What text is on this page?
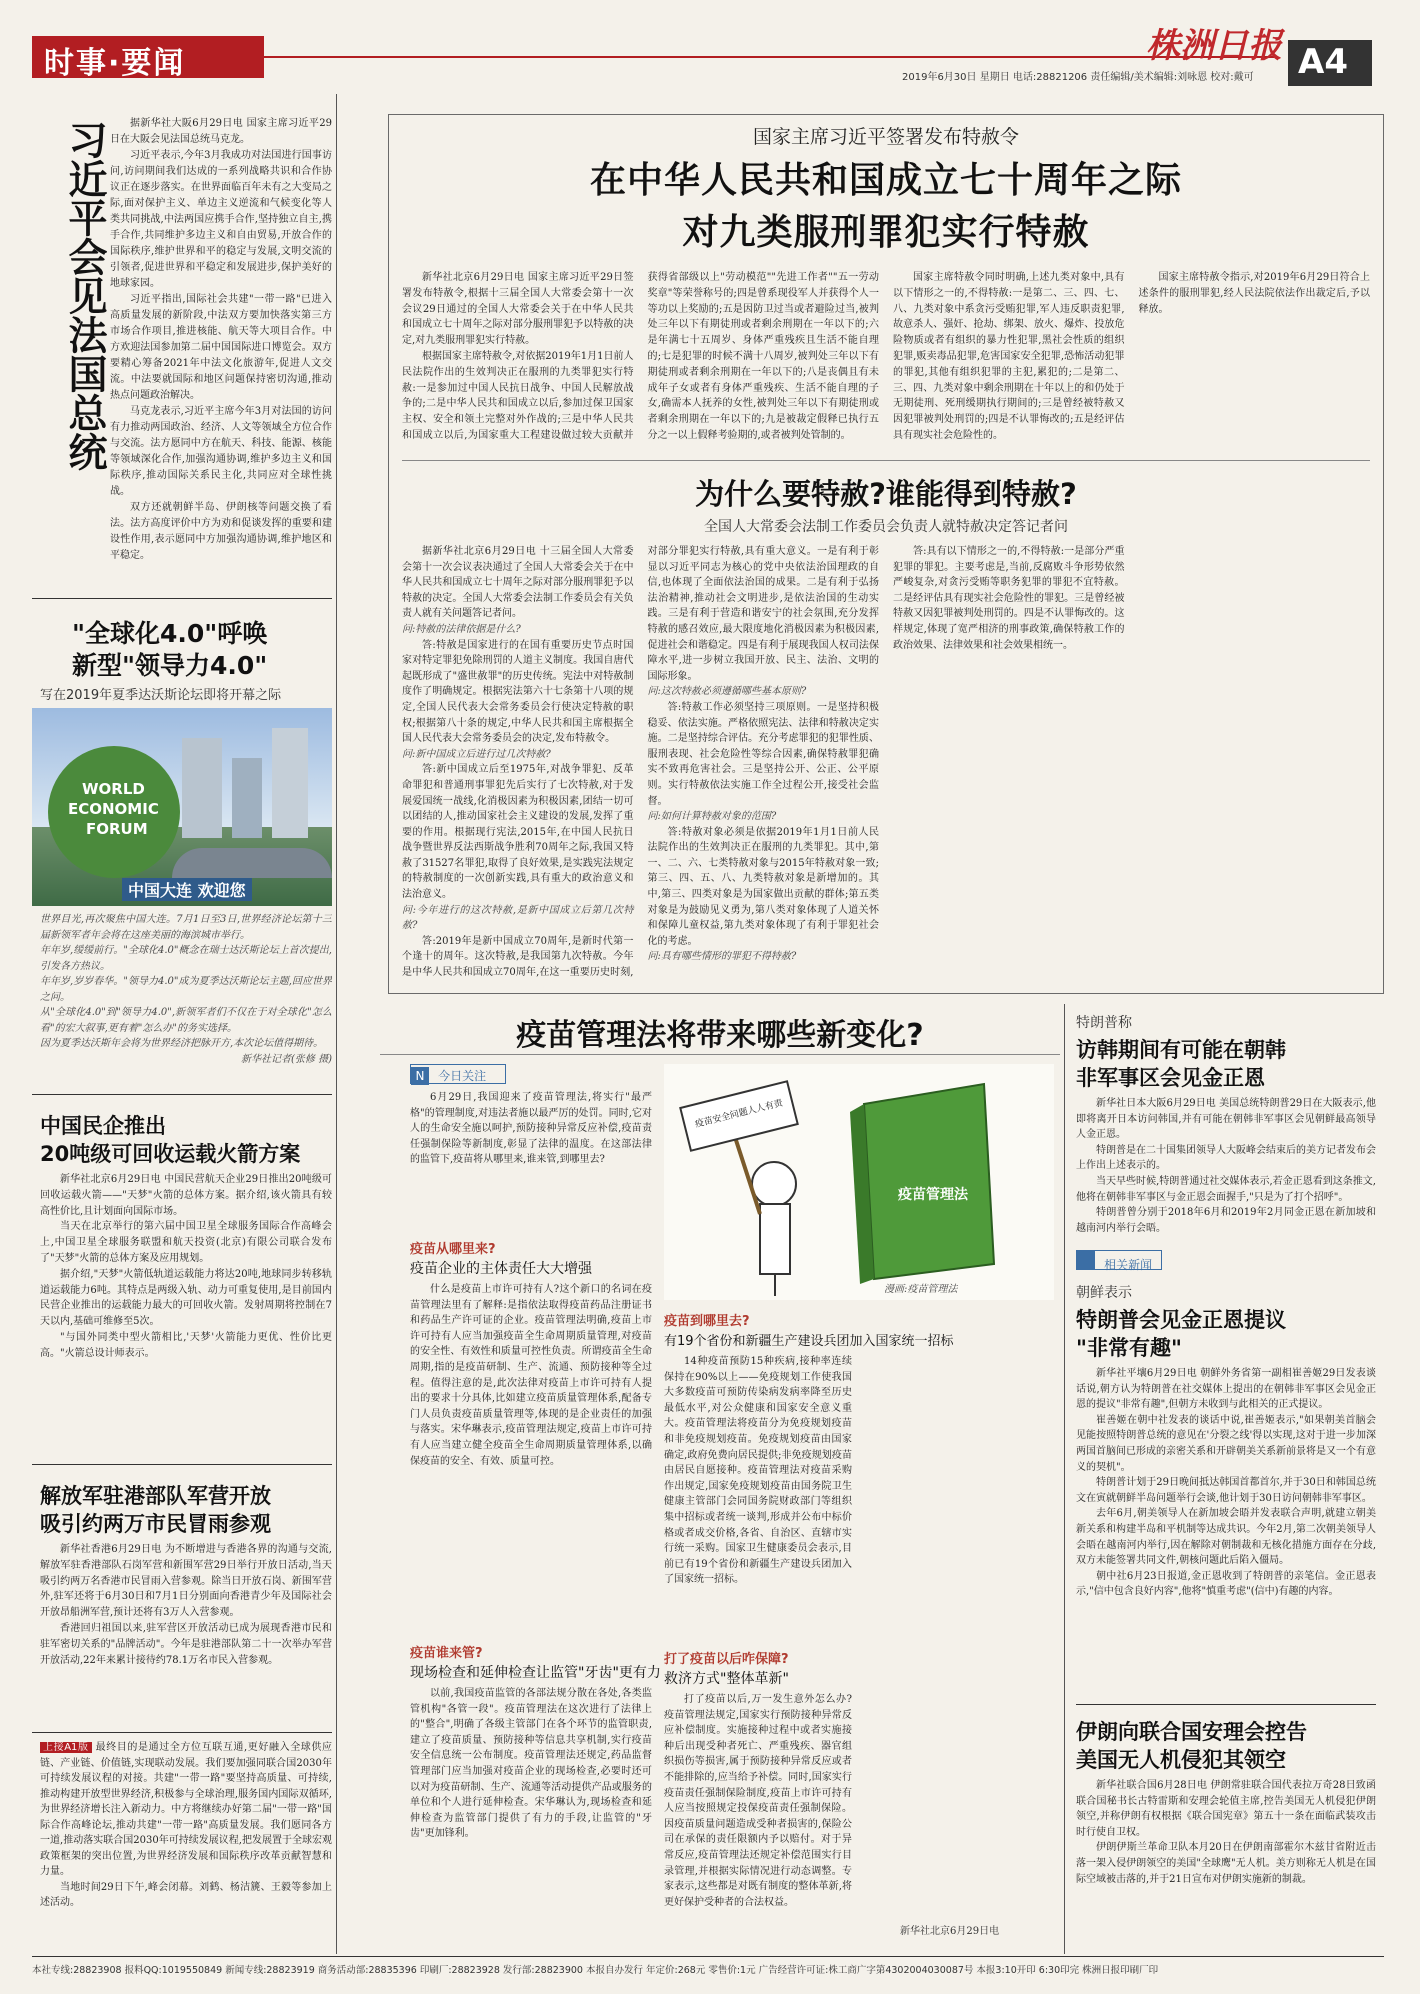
时事·要闻	株洲日报 A4
2019年6月30日 星期日 电话:28821206 责任编辑/美术编辑:刘咏恩 校对:戴可
习近平会见法国总统	据新华社大阪6月29日电 国家主席习近平29日在大阪会见法国总统马克龙。

习近平表示,今年3月我成功对法国进行国事访问,访问期间我们达成的一系列战略共识和合作协议正在逐步落实。在世界面临百年未有之大变局之际,面对保护主义、单边主义逆流和气候变化等人类共同挑战,中法两国应携手合作,坚持独立自主,携手合作,共同维护多边主义和自由贸易,开放合作的国际秩序,维护世界和平的稳定与发展,文明交流的引领者,促进世界和平稳定和发展进步,保护美好的地球家园。

习近平指出,国际社会共建"一带一路"已进入高质量发展的新阶段,中法双方要加快落实第三方市场合作项目,推进核能、航天等大项目合作。中方欢迎法国参加第二届中国国际进口博览会。双方要精心筹备2021年中法文化旅游年,促进人文交流。中法要就国际和地区问题保持密切沟通,推动热点问题政治解决。

马克龙表示,习近平主席今年3月对法国的访问有力推动两国政治、经济、人文等领域全方位合作与交流。法方愿同中方在航天、科技、能源、核能等领域深化合作,加强沟通协调,维护多边主义和国际秩序,推动国际关系民主化,共同应对全球性挑战。

双方还就朝鲜半岛、伊朗核等问题交换了看法。法方高度评价中方为劝和促谈发挥的重要和建设性作用,表示愿同中方加强沟通协调,维护地区和平稳定。

"全球化4.0"呼唤
新型"领导力4.0"
写在2019年夏季达沃斯论坛即将开幕之际
WORLD
ECONOMIC
FORUM
中国大连 欢迎您

世界目光,再次聚焦中国大连。7月1日至3日,世界经济论坛第十三届新领军者年会将在这座美丽的海滨城市举行。

年年岁,缓缓前行。"全球化4.0"概念在瑞士达沃斯论坛上首次提出,引发各方热议。

年年岁,岁岁春华。"领导力4.0"成为夏季达沃斯论坛主题,回应世界之问。

从"全球化4.0"到"领导力4.0",新领军者们不仅在于对全球化"怎么看"的宏大叙事,更有着"怎么办"的务实选择。

因为夏季达沃斯年会将为世界经济把脉开方,本次论坛值得期待。

新华社记者(张修 摄)

中国民企推出
20吨级可回收运载火箭方案

新华社北京6月29日电 中国民营航天企业29日推出20吨级可回收运载火箭——"天梦"火箭的总体方案。据介绍,该火箭具有较高性价比,且计划面向国际市场。

当天在北京举行的第六届中国卫星全球服务国际合作高峰会上,中国卫星全球服务联盟和航天投资(北京)有限公司联合发布了"天梦"火箭的总体方案及应用规划。

据介绍,"天梦"火箭低轨道运载能力将达20吨,地球同步转移轨道运载能力6吨。其特点是两级入轨、动力可重复使用,是目前国内民营企业推出的运载能力最大的可回收火箭。发射周期将控制在7天以内,基础可维修至5次。

"与国外同类中型火箭相比,'天梦'火箭能力更优、性价比更高。"火箭总设计师表示。

解放军驻港部队军营开放
吸引约两万市民冒雨参观

新华社香港6月29日电 为不断增进与香港各界的沟通与交流,解放军驻香港部队石岗军营和新围军营29日举行开放日活动,当天吸引约两万名香港市民冒雨入营参观。除当日开放石岗、新围军营外,驻军还将于6月30日和7月1日分别面向香港青少年及国际社会开放昂船洲军营,预计还将有3万人入营参观。

香港回归祖国以来,驻军营区开放活动已成为展现香港市民和驻军密切关系的"品牌活动"。今年是驻港部队第二十一次举办军营开放活动,22年来累计接待约78.1万名市民入营参观。

上接A1版 最终目的是通过全方位互联互通,更好融入全球供应链、产业链、价值链,实现联动发展。我们要加强同联合国2030年可持续发展议程的对接。共建"一带一路"要坚持高质量、可持续,推动构建开放型世界经济,积极参与全球治理,服务国内国际双循环,为世界经济增长注入新动力。中方将继续办好第二届"一带一路"国际合作高峰论坛,推动共建"一带一路"高质量发展。我们愿同各方一道,推动落实联合国2030年可持续发展议程,把发展置于全球宏观政策框架的突出位置,为世界经济发展和国际秩序改革贡献智慧和力量。

当地时间29日下午,峰会闭幕。刘鹤、杨洁篪、王毅等参加上述活动。

国家主席习近平签署发布特赦令
在中华人民共和国成立七十周年之际
对九类服刑罪犯实行特赦

新华社北京6月29日电 国家主席习近平29日签署发布特赦令,根据十三届全国人大常委会第十一次会议29日通过的全国人大常委会关于在中华人民共和国成立七十周年之际对部分服刑罪犯予以特赦的决定,对九类服刑罪犯实行特赦。

根据国家主席特赦令,对依据2019年1月1日前人民法院作出的生效判决正在服刑的九类罪犯实行特赦:一是参加过中国人民抗日战争、中国人民解放战争的;二是中华人民共和国成立以后,参加过保卫国家主权、安全和领土完整对外作战的;三是中华人民共和国成立以后,为国家重大工程建设做过较大贡献并获得省部级以上"劳动模范""先进工作者""五一劳动奖章"等荣誉称号的;四是曾系现役军人并获得个人一等功以上奖励的;五是因防卫过当或者避险过当,被判处三年以下有期徒刑或者剩余刑期在一年以下的;六是年满七十五周岁、身体严重残疾且生活不能自理的;七是犯罪的时候不满十八周岁,被判处三年以下有期徒刑或者剩余刑期在一年以下的;八是丧偶且有未成年子女或者有身体严重残疾、生活不能自理的子女,确需本人抚养的女性,被判处三年以下有期徒刑或者剩余刑期在一年以下的;九是被裁定假释已执行五分之一以上假释考验期的,或者被判处管制的。

国家主席特赦令同时明确,上述九类对象中,具有以下情形之一的,不得特赦:一是第二、三、四、七、八、九类对象中系贪污受贿犯罪,军人违反职责犯罪,故意杀人、强奸、抢劫、绑架、放火、爆炸、投放危险物质或者有组织的暴力性犯罪,黑社会性质的组织犯罪,贩卖毒品犯罪,危害国家安全犯罪,恐怖活动犯罪的罪犯,其他有组织犯罪的主犯,累犯的;二是第二、三、四、九类对象中剩余刑期在十年以上的和仍处于无期徒刑、死刑缓期执行期间的;三是曾经被特赦又因犯罪被判处刑罚的;四是不认罪悔改的;五是经评估具有现实社会危险性的。

国家主席特赦令指示,对2019年6月29日符合上述条件的服刑罪犯,经人民法院依法作出裁定后,予以释放。

为什么要特赦?谁能得到特赦?
全国人大常委会法制工作委员会负责人就特赦决定答记者问

据新华社北京6月29日电 十三届全国人大常委会第十一次会议表决通过了全国人大常委会关于在中华人民共和国成立七十周年之际对部分服刑罪犯予以特赦的决定。全国人大常委会法制工作委员会有关负责人就有关问题答记者问。

问:特赦的法律依据是什么?

答:特赦是国家进行的在国有重要历史节点时国家对特定罪犯免除刑罚的人道主义制度。我国自唐代起既形成了"盛世赦罪"的历史传统。宪法中对特赦制度作了明确规定。根据宪法第六十七条第十八项的规定,全国人民代表大会常务委员会行使决定特赦的职权;根据第八十条的规定,中华人民共和国主席根据全国人民代表大会常务委员会的决定,发布特赦令。

问:新中国成立后进行过几次特赦?

答:新中国成立后至1975年,对战争罪犯、反革命罪犯和普通刑事罪犯先后实行了七次特赦,对于发展爱国统一战线,化消极因素为积极因素,团结一切可以团结的人,推动国家社会主义建设的发展,发挥了重要的作用。根据现行宪法,2015年,在中国人民抗日战争暨世界反法西斯战争胜利70周年之际,我国又特赦了31527名罪犯,取得了良好效果,是实践宪法规定的特赦制度的一次创新实践,具有重大的政治意义和法治意义。

问:今年进行的这次特赦,是新中国成立后第几次特赦?

答:2019年是新中国成立70周年,是新时代第一个逢十的周年。这次特赦,是我国第九次特赦。今年是中华人民共和国成立70周年,在这一重要历史时刻,对部分罪犯实行特赦,具有重大意义。一是有利于彰显以习近平同志为核心的党中央依法治国理政的自信,也体现了全面依法治国的成果。二是有利于弘扬法治精神,推动社会文明进步,是依法治国的生动实践。三是有利于营造和谐安宁的社会氛围,充分发挥特赦的感召效应,最大限度地化消极因素为积极因素,促进社会和谐稳定。四是有利于展现我国人权司法保障水平,进一步树立我国开放、民主、法治、文明的国际形象。

问:这次特赦必须遵循哪些基本原则?

答:特赦工作必须坚持三项原则。一是坚持积极稳妥、依法实施。严格依照宪法、法律和特赦决定实施。二是坚持综合评估。充分考虑罪犯的犯罪性质、服刑表现、社会危险性等综合因素,确保特赦罪犯确实不致再危害社会。三是坚持公开、公正、公平原则。实行特赦依法实施工作全过程公开,接受社会监督。

问:如何计算特赦对象的范围?

答:特赦对象必须是依据2019年1月1日前人民法院作出的生效判决正在服刑的九类罪犯。其中,第一、二、六、七类特赦对象与2015年特赦对象一致;第三、四、五、八、九类特赦对象是新增加的。其中,第三、四类对象是为国家做出贡献的群体;第五类对象是为鼓励见义勇为,第八类对象体现了人道关怀和保障儿童权益,第九类对象体现了有利于罪犯社会化的考虑。

问:具有哪些情形的罪犯不得特赦?

答:具有以下情形之一的,不得特赦:一是部分严重犯罪的罪犯。主要考虑是,当前,反腐败斗争形势依然严峻复杂,对贪污受贿等职务犯罪的罪犯不宜特赦。二是经评估具有现实社会危险性的罪犯。三是曾经被特赦又因犯罪被判处刑罚的。四是不认罪悔改的。这样规定,体现了宽严相济的刑事政策,确保特赦工作的政治效果、法律效果和社会效果相统一。

疫苗管理法将带来哪些新变化?
N 今日关注

6月29日,我国迎来了疫苗管理法,将实行"最严格"的管理制度,对违法者施以最严厉的处罚。同时,它对人的生命安全施以呵护,预防接种异常反应补偿,疫苗责任强制保险等新制度,彰显了法律的温度。在这部法律的监管下,疫苗将从哪里来,谁来管,到哪里去?

疫苗管理法
疫苗安全问题人人有责
漫画:疫苗管理法
疫苗从哪里来?
疫苗企业的主体责任大大增强

什么是疫苗上市许可持有人?这个新口的名词在疫苗管理法里有了解释:是指依法取得疫苗药品注册证书和药品生产许可证的企业。疫苗管理法明确,疫苗上市许可持有人应当加强疫苗全生命周期质量管理,对疫苗的安全性、有效性和质量可控性负责。所谓疫苗全生命周期,指的是疫苗研制、生产、流通、预防接种等全过程。值得注意的是,此次法律对疫苗上市许可持有人提出的要求十分具体,比如建立疫苗质量管理体系,配备专门人员负责疫苗质量管理等,体现的是企业责任的加强与落实。宋华琳表示,疫苗管理法规定,疫苗上市许可持有人应当建立健全疫苗全生命周期质量管理体系,以确保疫苗的安全、有效、质量可控。

疫苗谁来管?
现场检查和延伸检查让监管"牙齿"更有力

以前,我国疫苗监管的各部法规分散在各处,各类监管机构"各管一段"。疫苗管理法在这次进行了法律上的"整合",明确了各级主管部门在各个环节的监管职责,建立了疫苗质量、预防接种等信息共享机制,实行疫苗安全信息统一公布制度。疫苗管理法还规定,药品监督管理部门应当加强对疫苗企业的现场检查,必要时还可以对为疫苗研制、生产、流通等活动提供产品或服务的单位和个人进行延伸检查。宋华琳认为,现场检查和延伸检查为监管部门提供了有力的手段,让监管的"牙齿"更加锋利。

疫苗到哪里去?
有19个省份和新疆生产建设兵团加入国家统一招标

14种疫苗预防15种疾病,接种率连续保持在90%以上——免疫规划工作使我国大多数疫苗可预防传染病发病率降至历史最低水平,对公众健康和国家安全意义重大。疫苗管理法将疫苗分为免疫规划疫苗和非免疫规划疫苗。免疫规划疫苗由国家确定,政府免费向居民提供;非免疫规划疫苗由居民自愿接种。疫苗管理法对疫苗采购作出规定,国家免疫规划疫苗由国务院卫生健康主管部门会同国务院财政部门等组织集中招标或者统一谈判,形成并公布中标价格或者成交价格,各省、自治区、直辖市实行统一采购。国家卫生健康委员会表示,目前已有19个省份和新疆生产建设兵团加入了国家统一招标。

打了疫苗以后咋保障?
救济方式"整体革新"

打了疫苗以后,万一发生意外怎么办?疫苗管理法规定,国家实行预防接种异常反应补偿制度。实施接种过程中或者实施接种后出现受种者死亡、严重残疾、器官组织损伤等损害,属于预防接种异常反应或者不能排除的,应当给予补偿。同时,国家实行疫苗责任强制保险制度,疫苗上市许可持有人应当按照规定投保疫苗责任强制保险。因疫苗质量问题造成受种者损害的,保险公司在承保的责任限额内予以赔付。对于异常反应,疫苗管理法还规定补偿范围实行目录管理,并根据实际情况进行动态调整。专家表示,这些都是对既有制度的整体革新,将更好保护受种者的合法权益。

新华社北京6月29日电
特朗普称
访韩期间有可能在朝韩
非军事区会见金正恩

新华社日本大阪6月29日电 美国总统特朗普29日在大阪表示,他即将离开日本访问韩国,并有可能在朝韩非军事区会见朝鲜最高领导人金正恩。

特朗普是在二十国集团领导人大阪峰会结束后的美方记者发布会上作出上述表示的。

当天早些时候,特朗普通过社交媒体表示,若金正恩看到这条推文,他将在朝韩非军事区与金正恩会面握手,"只是为了打个招呼"。

特朗普曾分别于2018年6月和2019年2月同金正恩在新加坡和越南河内举行会晤。

相关新闻
朝鲜表示
特朗普会见金正恩提议
"非常有趣"

新华社平壤6月29日电 朝鲜外务省第一副相崔善姬29日发表谈话说,朝方认为特朗普在社交媒体上提出的在朝韩非军事区会见金正恩的提议"非常有趣",但朝方未收到与此相关的正式提议。

崔善姬在朝中社发表的谈话中说,崔善姬表示,"如果朝美首脑会见能按照特朗普总统的意见在'分裂之线'得以实现,这对于进一步加深两国首脑间已形成的亲密关系和开辟朝美关系新前景将是又一个有意义的契机"。

特朗普计划于29日晚间抵达韩国首都首尔,并于30日和韩国总统文在寅就朝鲜半岛问题举行会谈,他计划于30日访问朝韩非军事区。

去年6月,朝美领导人在新加坡会晤并发表联合声明,就建立朝美新关系和构建半岛和平机制等达成共识。今年2月,第二次朝美领导人会晤在越南河内举行,因在解除对朝制裁和无核化措施方面存在分歧,双方未能签署共同文件,朝核问题此后陷入僵局。

朝中社6月23日报道,金正恩收到了特朗普的亲笔信。金正恩表示,"信中包含良好内容",他将"慎重考虑"(信中)有趣的内容。

伊朗向联合国安理会控告
美国无人机侵犯其领空

新华社联合国6月28日电 伊朗常驻联合国代表拉万奇28日致函联合国秘书长古特雷斯和安理会轮值主席,控告美国无人机侵犯伊朗领空,并称伊朗有权根据《联合国宪章》第五十一条在面临武装攻击时行使自卫权。

伊朗伊斯兰革命卫队本月20日在伊朗南部霍尔木兹甘省附近击落一架入侵伊朗领空的美国"全球鹰"无人机。美方则称无人机是在国际空域被击落的,并于21日宣布对伊朗实施新的制裁。

本社专线:28823908 报料QQ:1019550849 新闻专线:28823919 商务活动部:28835396 印刷厂:28823928 发行部:28823900 本报自办发行 年定价:268元 零售价:1元 广告经营许可证:株工商广字第4302004030087号 本报3:10开印 6:30印完 株洲日报印刷厂印
